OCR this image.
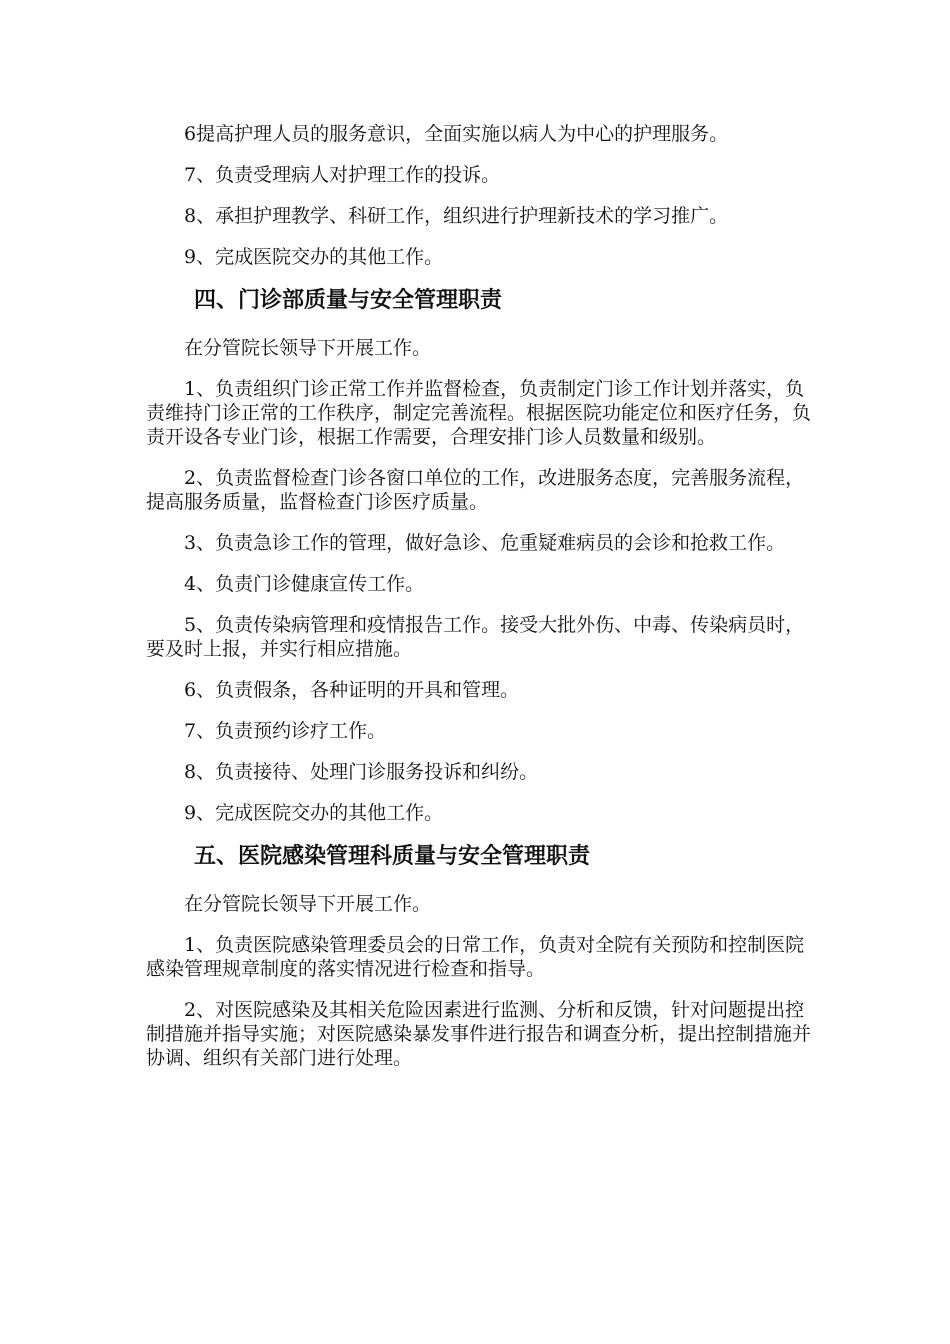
6提高护理人员的服务意识，全面实施以病人为中心的护理服务。

7、负责受理病人对护理工作的投诉。

8、承担护理教学、科研工作，组织进行护理新技术的学习推广。

9、完成医院交办的其他工作。

四、门诊部质量与安全管理职责

在分管院长领导下开展工作。

1、负责组织门诊正常工作并监督检查，负责制定门诊工作计划并落实，负责维持门诊正常的工作秩序，制定完善流程。根据医院功能定位和医疗任务，负责开设各专业门诊，根据工作需要，合理安排门诊人员数量和级别。

2、负责监督检查门诊各窗口单位的工作，改进服务态度，完善服务流程，提高服务质量，监督检查门诊医疗质量。

3、负责急诊工作的管理，做好急诊、危重疑难病员的会诊和抢救工作。

4、负责门诊健康宣传工作。

5、负责传染病管理和疫情报告工作。接受大批外伤、中毒、传染病员时，要及时上报，并实行相应措施。

6、负责假条，各种证明的开具和管理。

7、负责预约诊疗工作。

8、负责接待、处理门诊服务投诉和纠纷。

9、完成医院交办的其他工作。

五、医院感染管理科质量与安全管理职责

在分管院长领导下开展工作。

1、负责医院感染管理委员会的日常工作，负责对全院有关预防和控制医院感染管理规章制度的落实情况进行检查和指导。

2、对医院感染及其相关危险因素进行监测、分析和反馈，针对问题提出控制措施并指导实施；对医院感染暴发事件进行报告和调查分析，提出控制措施并协调、组织有关部门进行处理。
